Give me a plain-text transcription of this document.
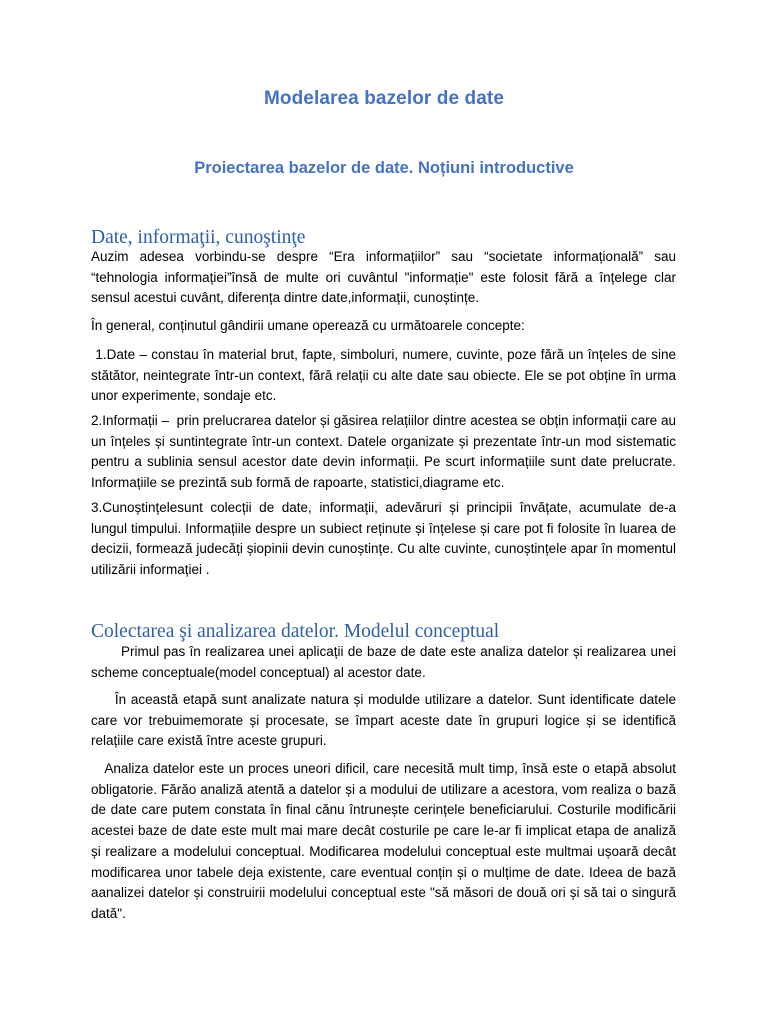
Modelarea bazelor de date
Proiectarea bazelor de date. Noțiuni introductive
Date, informaţii, cunoştinţe
Auzim adesea vorbindu-se despre “Era informațiilor” sau “societate informațională” sau “tehnologia informației”însă de multe ori cuvântul "informație" este folosit fără a înțelege clar sensul acestui cuvânt, diferența dintre date,informații, cunoștințe.
În general, conținutul gândirii umane operează cu următoarele concepte:
1.Date – constau în material brut, fapte, simboluri, numere, cuvinte, poze fără un înțeles de sine stătător, neintegrate într-un context, fără relații cu alte date sau obiecte. Ele se pot obține în urma unor experimente, sondaje etc.
2.Informații –  prin prelucrarea datelor și găsirea relațiilor dintre acestea se obțin informații care au un înțeles și suntintegrate într-un context. Datele organizate și prezentate într-un mod sistematic pentru a sublinia sensul acestor date devin informații. Pe scurt informațiile sunt date prelucrate. Informațiile se prezintă sub formă de rapoarte, statistici,diagrame etc.
3.Cunoștințelesunt colecții de date, informații, adevăruri și principii învățate, acumulate de-a lungul timpului. Informațiile despre un subiect reținute și înțelese și care pot fi folosite în luarea de decizii, formează judecăți șiopinii devin cunoștințe. Cu alte cuvinte, cunoștințele apar în momentul utilizării informației .
Colectarea şi analizarea datelor. Modelul conceptual
Primul pas în realizarea unei aplicații de baze de date este analiza datelor și realizarea unei scheme conceptuale(model conceptual) al acestor date.
În această etapă sunt analizate natura și modulde utilizare a datelor. Sunt identificate datele care vor trebuimemorate și procesate, se împart aceste date în grupuri logice și se identifică relațiile care există între aceste grupuri.
Analiza datelor este un proces uneori dificil, care necesită mult timp, însă este o etapă absolut obligatorie. Fărăo analiză atentă a datelor și a modului de utilizare a acestora, vom realiza o bază de date care putem constata în final cănu întrunește cerințele beneficiarului. Costurile modificării acestei baze de date este mult mai mare decât costurile pe care le-ar fi implicat etapa de analiză și realizare a modelului conceptual. Modificarea modelului conceptual este multmai ușoară decât modificarea unor tabele deja existente, care eventual conțin și o mulțime de date. Ideea de bază aanalizei datelor și construirii modelului conceptual este "să măsori de două ori și să tai o singură dată".
